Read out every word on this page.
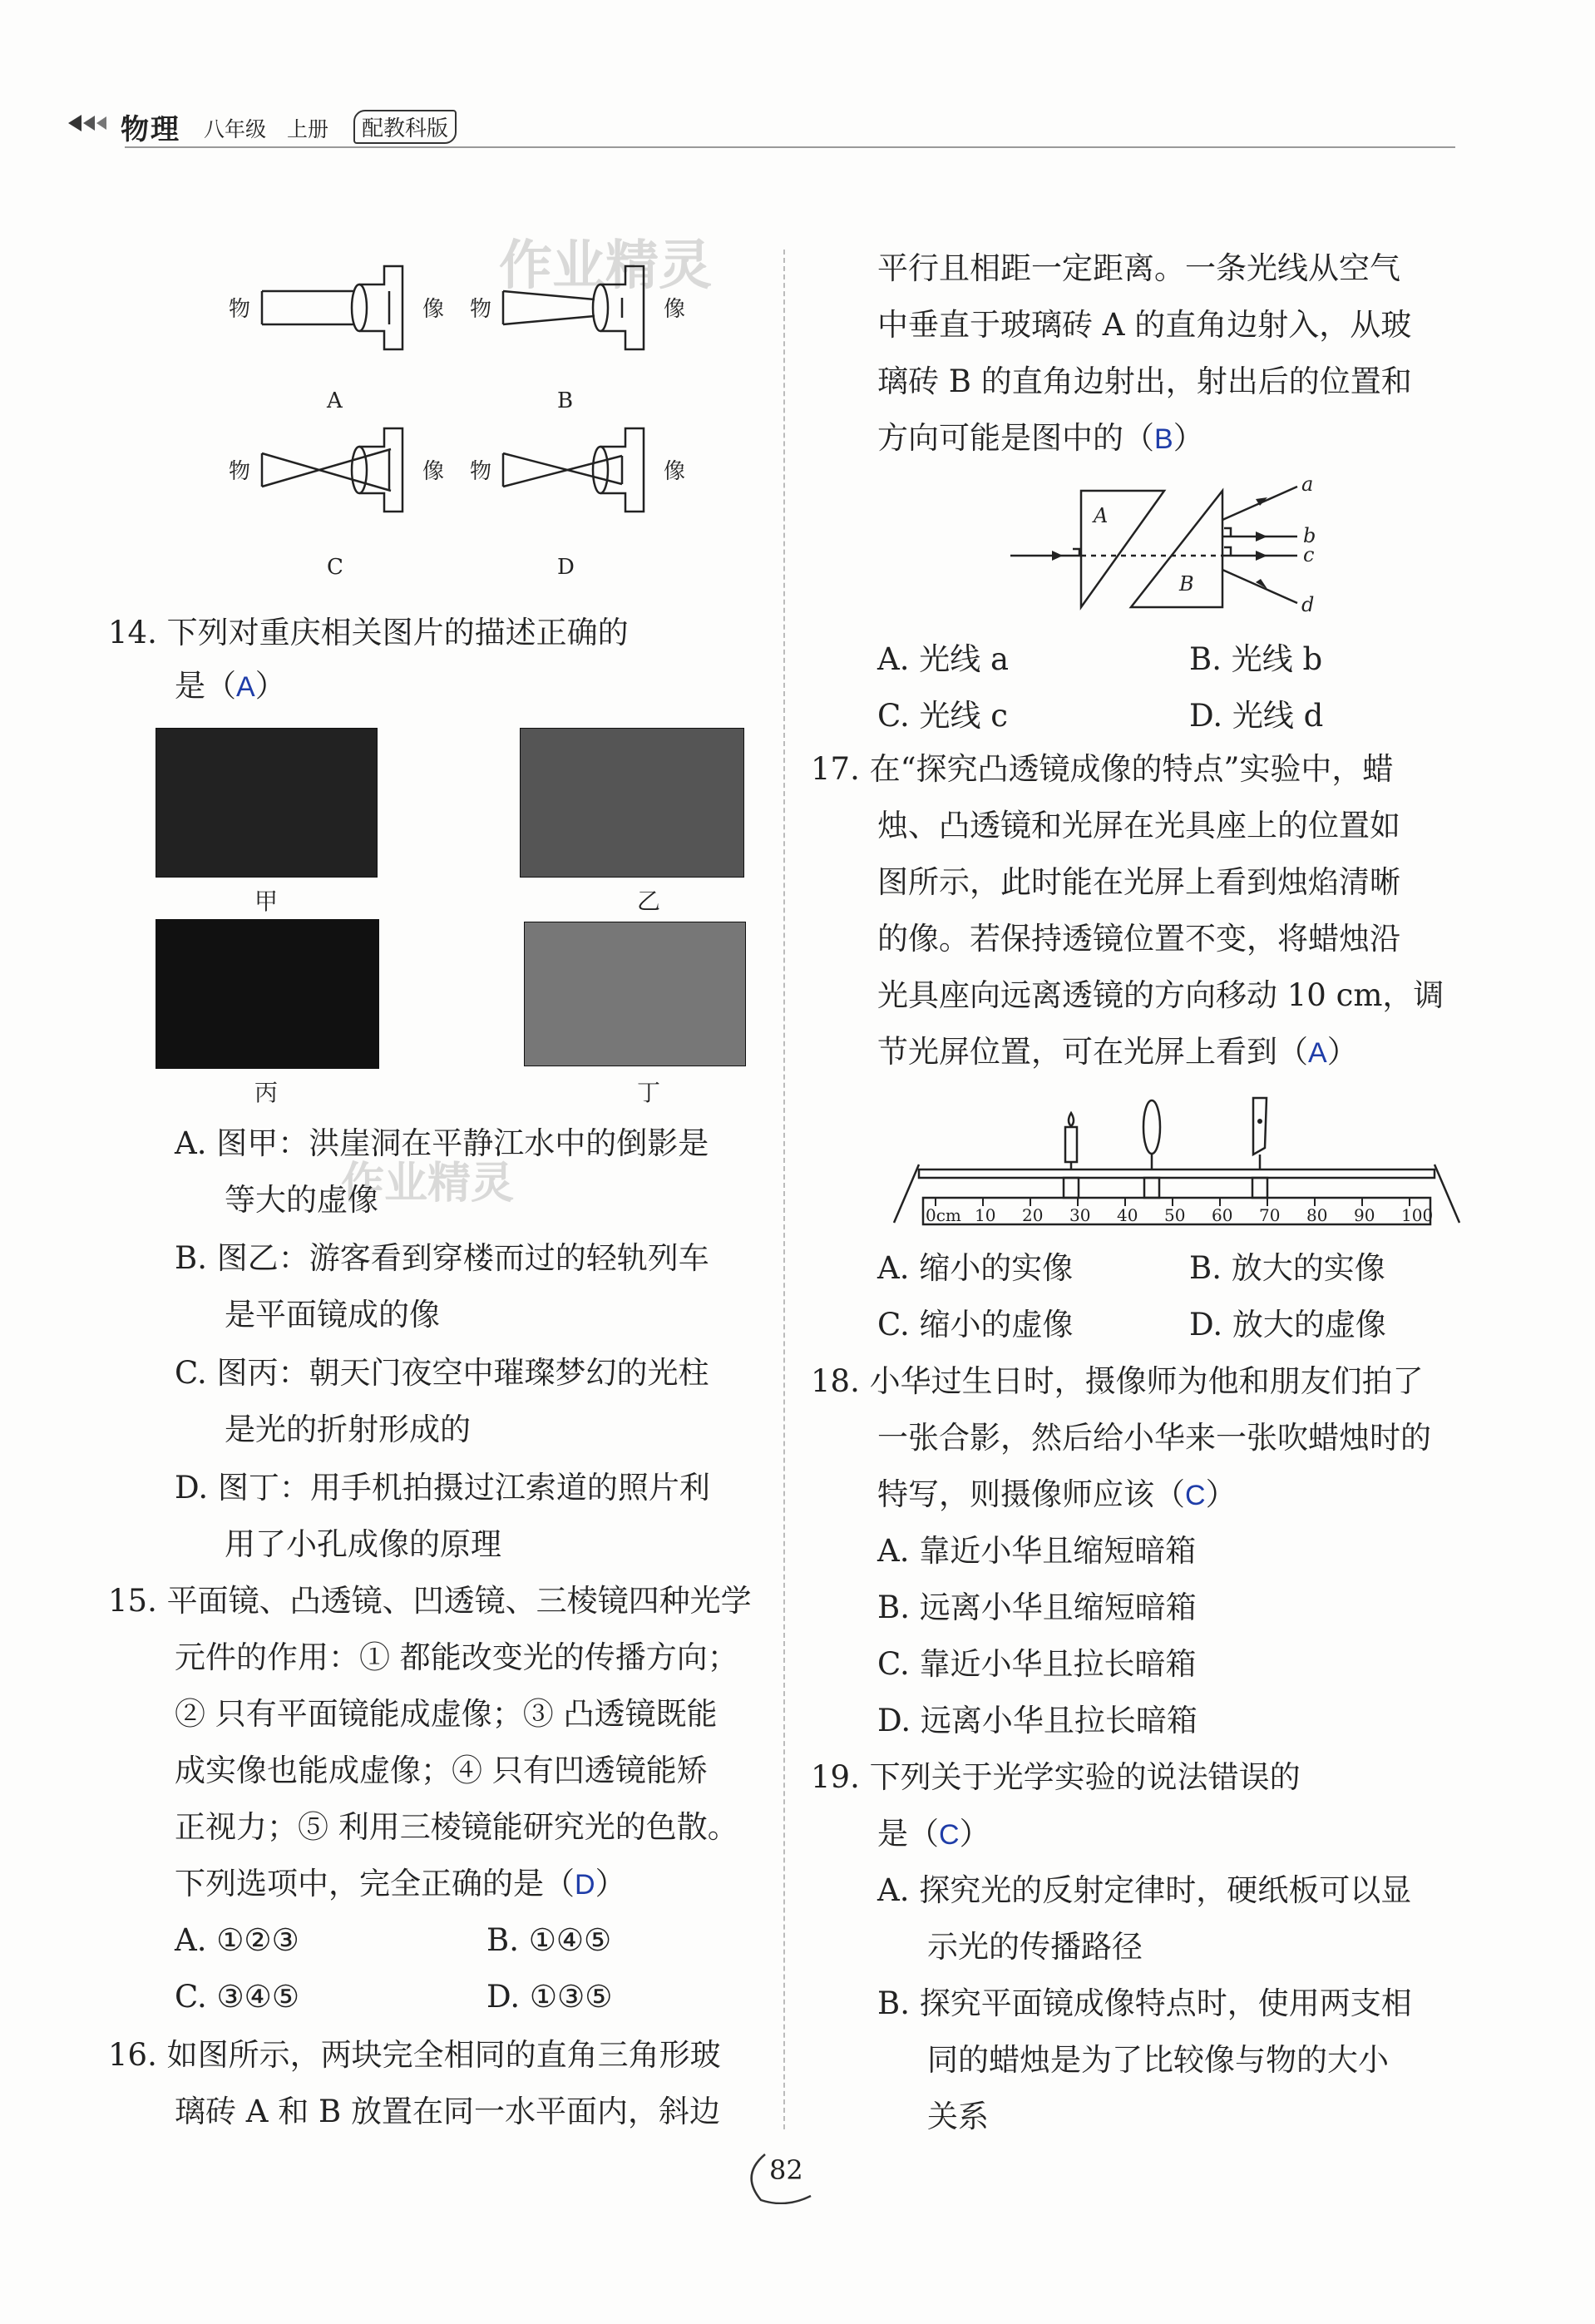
物理 八年级 上册	配教科版
作业精灵
作业精灵
物	像 物	像
物	像 物	像
A	B
C	D
14. 下列对重庆相关图片的描述正确的
是（A）
甲	乙
丙	丁
A. 图甲：洪崖洞在平静江水中的倒影是
等大的虚像
B. 图乙：游客看到穿楼而过的轻轨列车
是平面镜成的像
C. 图丙：朝天门夜空中璀璨梦幻的光柱
是光的折射形成的
D. 图丁：用手机拍摄过江索道的照片利
用了小孔成像的原理
15. 平面镜、凸透镜、凹透镜、三棱镜四种光学
元件的作用：① 都能改变光的传播方向；
② 只有平面镜能成虚像；③ 凸透镜既能
成实像也能成虚像；④ 只有凹透镜能矫
正视力；⑤ 利用三棱镜能研究光的色散。
下列选项中，完全正确的是（D）
A. ①②③	B. ①④⑤
C. ③④⑤	D. ①③⑤
16. 如图所示，两块完全相同的直角三角形玻
璃砖 A 和 B 放置在同一水平面内，斜边
平行且相距一定距离。一条光线从空气
中垂直于玻璃砖 A 的直角边射入，从玻
璃砖 B 的直角边射出，射出后的位置和
方向可能是图中的（B）
A
B
a
b
c
d
A. 光线 a	B. 光线 b
C. 光线 c	D. 光线 d
17. 在“探究凸透镜成像的特点”实验中，蜡
烛、凸透镜和光屏在光具座上的位置如
图所示，此时能在光屏上看到烛焰清晰
的像。若保持透镜位置不变，将蜡烛沿
光具座向远离透镜的方向移动 10 cm，调
节光屏位置，可在光屏上看到（A）
0cm 10 20 30 40 50 60 70 80 90 100
A. 缩小的实像	B. 放大的实像
C. 缩小的虚像	D. 放大的虚像
18. 小华过生日时，摄像师为他和朋友们拍了
一张合影，然后给小华来一张吹蜡烛时的
特写，则摄像师应该（C）
A. 靠近小华且缩短暗箱
B. 远离小华且缩短暗箱
C. 靠近小华且拉长暗箱
D. 远离小华且拉长暗箱
19. 下列关于光学实验的说法错误的
是（C）
A. 探究光的反射定律时，硬纸板可以显
示光的传播路径
B. 探究平面镜成像特点时，使用两支相
同的蜡烛是为了比较像与物的大小
关系
82
